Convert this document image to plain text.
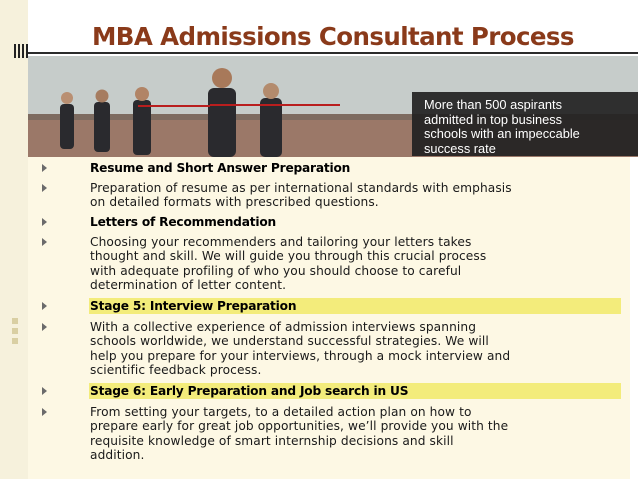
MBA Admissions Consultant Process
More than 500 aspirants
admitted in top business
schools with an impeccable
success rate
Resume and Short Answer Preparation
Preparation of resume as per international standards with emphasis
on detailed formats with prescribed questions.
Letters of Recommendation
Choosing your recommenders and tailoring your letters takes
thought and skill. We will guide you through this crucial process
with adequate profiling of who you should choose to careful
determination of letter content.
Stage 5: Interview Preparation
With a collective experience of admission interviews spanning
schools worldwide, we understand successful strategies. We will
help you prepare for your interviews, through a mock interview and
scientific feedback process.
Stage 6: Early Preparation and Job search in US
From setting your targets, to a detailed action plan on how to
prepare early for great job opportunities, we’ll provide you with the
requisite knowledge of smart internship decisions and skill
addition.
